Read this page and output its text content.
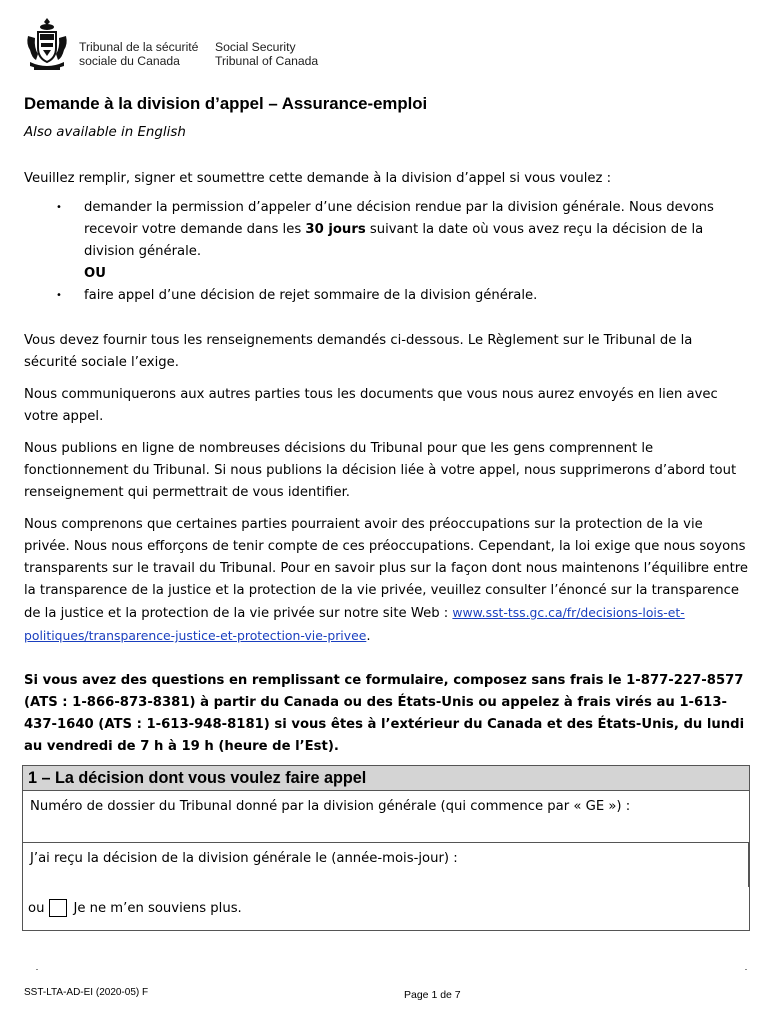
Tribunal de la sécurité
sociale du Canada
Social Security
Tribunal of Canada
Demande à la division d’appel – Assurance-emploi
Also available in English
Veuillez remplir, signer et soumettre cette demande à la division d’appel si vous voulez :
• demander la permission d’appeler d’une décision rendue par la division générale. Nous devons recevoir votre demande dans les 30 jours suivant la date où vous avez reçu la décision de la division générale.
OU
• faire appel d’une décision de rejet sommaire de la division générale.
Vous devez fournir tous les renseignements demandés ci-dessous. Le Règlement sur le Tribunal de la sécurité sociale l’exige.
Nous communiquerons aux autres parties tous les documents que vous nous aurez envoyés en lien avec votre appel.
Nous publions en ligne de nombreuses décisions du Tribunal pour que les gens comprennent le fonctionnement du Tribunal. Si nous publions la décision liée à votre appel, nous supprimerons d’abord tout renseignement qui permettrait de vous identifier.
Nous comprenons que certaines parties pourraient avoir des préoccupations sur la protection de la vie privée. Nous nous efforçons de tenir compte de ces préoccupations. Cependant, la loi exige que nous soyons transparents sur le travail du Tribunal. Pour en savoir plus sur la façon dont nous maintenons l’équilibre entre la transparence de la justice et la protection de la vie privée, veuillez consulter l’énoncé sur la transparence de la justice et la protection de la vie privée sur notre site Web : www.sst-tss.gc.ca/fr/decisions-lois-et-politiques/transparence-justice-et-protection-vie-privee.
Si vous avez des questions en remplissant ce formulaire, composez sans frais le 1-877-227-8577 (ATS : 1-866-873-8381) à partir du Canada ou des États-Unis ou appelez à frais virés au 1-613-437-1640 (ATS : 1-613-948-8181) si vous êtes à l’extérieur du Canada et des États-Unis, du lundi au vendredi de 7 h à 19 h (heure de l’Est).
1 – La décision dont vous voulez faire appel
Numéro de dossier du Tribunal donné par la division générale (qui commence par « GE ») :
J’ai reçu la décision de la division générale le (année-mois-jour) :
ou Je ne m’en souviens plus.
SST-LTA-AD-EI (2020-05) F	Page 1 de 7
